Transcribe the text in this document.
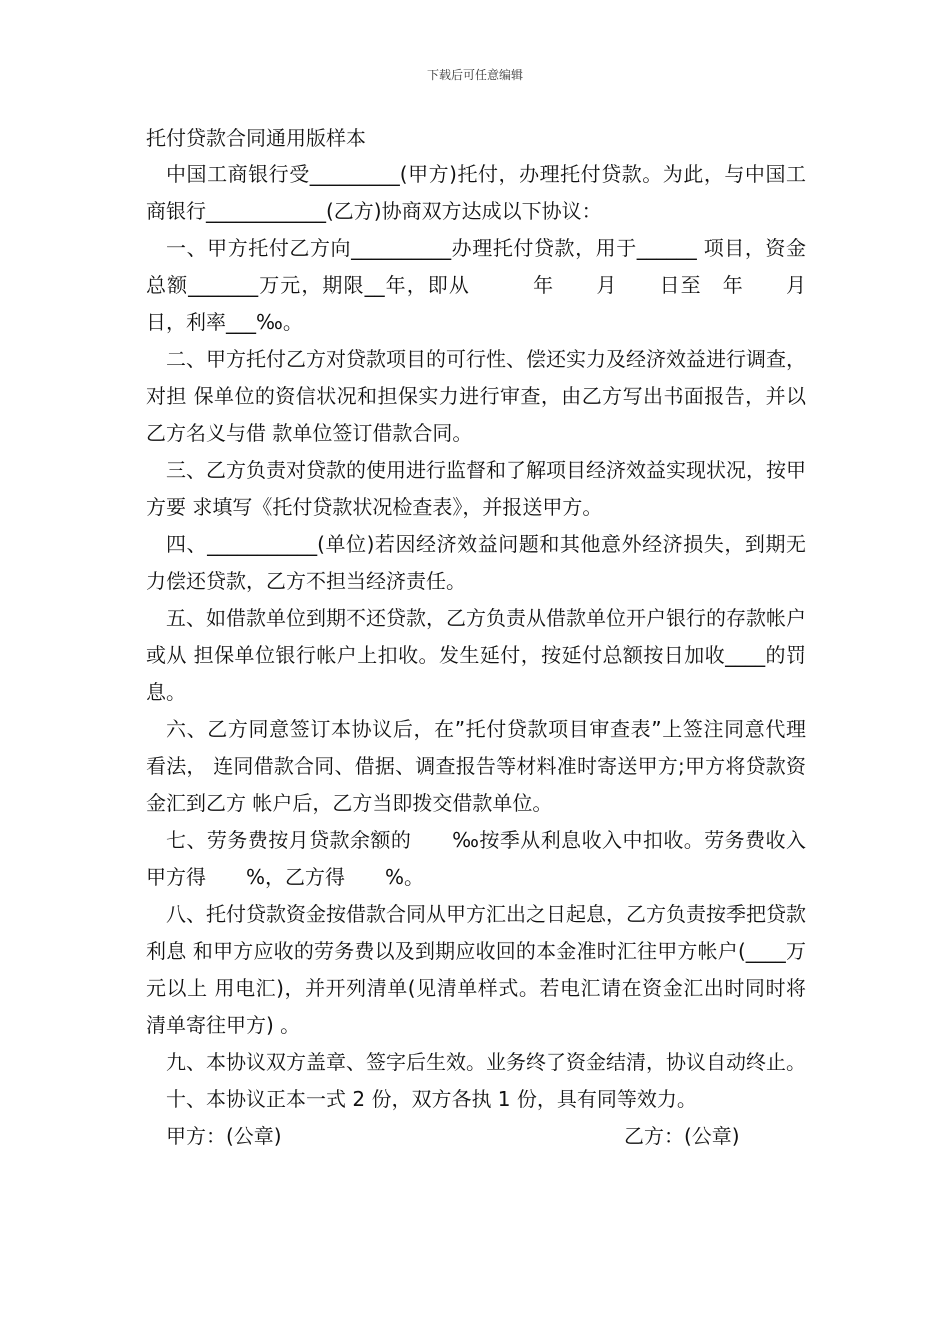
下载后可任意编辑
托付贷款合同通用版样本
中国工商银行受_________(甲方)托付，办理托付贷款。为此，与中国工商银行____________(乙方)协商双方达成以下协议：
一、甲方托付乙方向__________办理托付贷款，用于______ 项目，资金总额_______万元，期限__年，即从　　　年　　月　　日至　年　　月　日，利率___‰。
二、甲方托付乙方对贷款项目的可行性、偿还实力及经济效益进行调查，对担 保单位的资信状况和担保实力进行审查，由乙方写出书面报告，并以乙方名义与借 款单位签订借款合同。
三、乙方负责对贷款的使用进行监督和了解项目经济效益实现状况，按甲方要 求填写《托付贷款状况检查表》，并报送甲方。
四、___________(单位)若因经济效益问题和其他意外经济损失，到期无力偿还贷款，乙方不担当经济责任。
五、如借款单位到期不还贷款，乙方负责从借款单位开户银行的存款帐户或从 担保单位银行帐户上扣收。发生延付，按延付总额按日加收____的罚息。
六、乙方同意签订本协议后，在”托付贷款项目审查表”上签注同意代理看法， 连同借款合同、借据、调查报告等材料准时寄送甲方;甲方将贷款资金汇到乙方 帐户后，乙方当即拨交借款单位。
七、劳务费按月贷款余额的　　‰按季从利息收入中扣收。劳务费收入甲方得　　%，乙方得　　%。
八、托付贷款资金按借款合同从甲方汇出之日起息，乙方负责按季把贷款利息 和甲方应收的劳务费以及到期应收回的本金准时汇往甲方帐户(____万元以上 用电汇)，并开列清单(见清单样式。若电汇请在资金汇出时同时将清单寄往甲方) 。
九、本协议双方盖章、签字后生效。业务终了资金结清，协议自动终止。
十、本协议正本一式 2 份，双方各执 1 份，具有同等效力。
甲方：(公章)	乙方：(公章)
